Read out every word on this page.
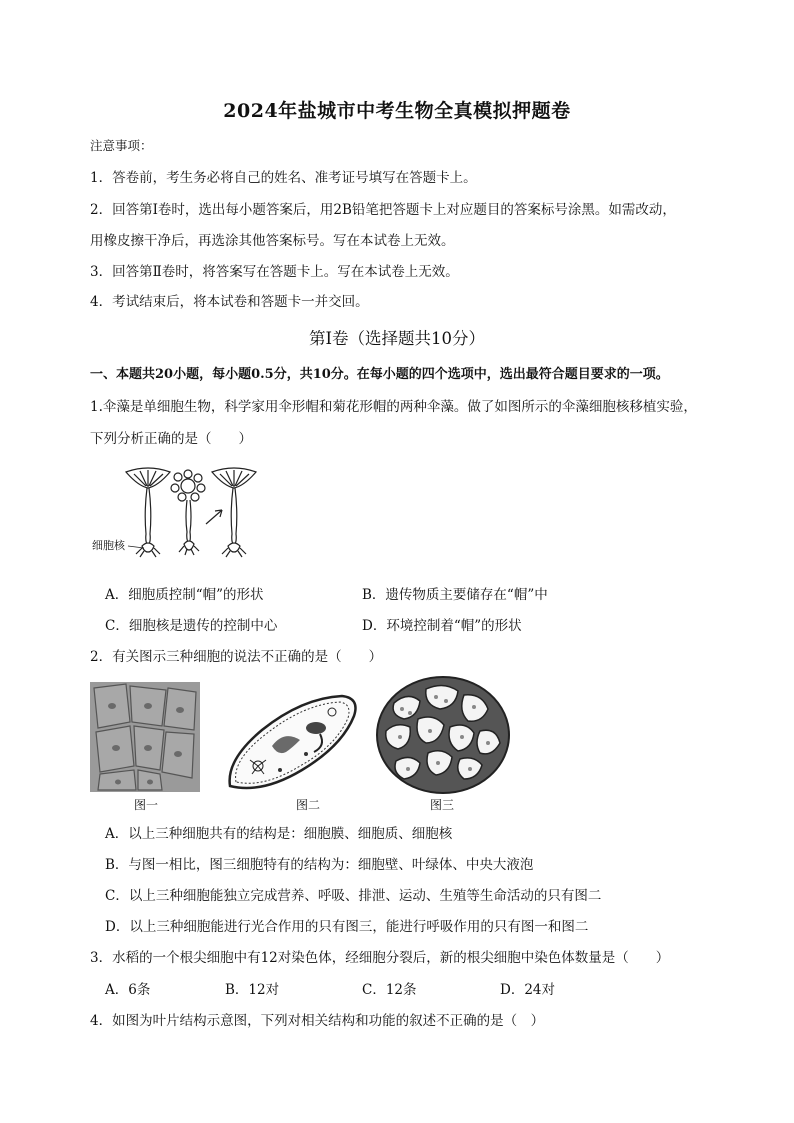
2024年盐城市中考生物全真模拟押题卷
注意事项：
1．答卷前，考生务必将自己的姓名、准考证号填写在答题卡上。
2．回答第Ⅰ卷时，选出每小题答案后，用2B铅笔把答题卡上对应题目的答案标号涂黑。如需改动，
用橡皮擦干净后，再选涂其他答案标号。写在本试卷上无效。
3．回答第Ⅱ卷时，将答案写在答题卡上。写在本试卷上无效。
4．考试结束后，将本试卷和答题卡一并交回。
第Ⅰ卷（选择题共10分）
一、本题共20小题，每小题0.5分，共10分。在每小题的四个选项中，选出最符合题目要求的一项。
1.伞藻是单细胞生物，科学家用伞形帽和菊花形帽的两种伞藻。做了如图所示的伞藻细胞核移植实验，
下列分析正确的是（　　）
细胞核
A．细胞质控制“帽”的形状	B．遗传物质主要储存在“帽”中
C．细胞核是遗传的控制中心	D．环境控制着“帽”的形状
2．有关图示三种细胞的说法不正确的是（　　）
图一	图二	图三
A．以上三种细胞共有的结构是：细胞膜、细胞质、细胞核
B．与图一相比，图三细胞特有的结构为：细胞壁、叶绿体、中央大液泡
C．以上三种细胞能独立完成营养、呼吸、排泄、运动、生殖等生命活动的只有图二
D．以上三种细胞能进行光合作用的只有图三，能进行呼吸作用的只有图一和图二
3．水稻的一个根尖细胞中有12对染色体，经细胞分裂后，新的根尖细胞中染色体数量是（　　）
A．6条	B．12对	C．12条	D．24对
4．如图为叶片结构示意图，下列对相关结构和功能的叙述不正确的是（　）
